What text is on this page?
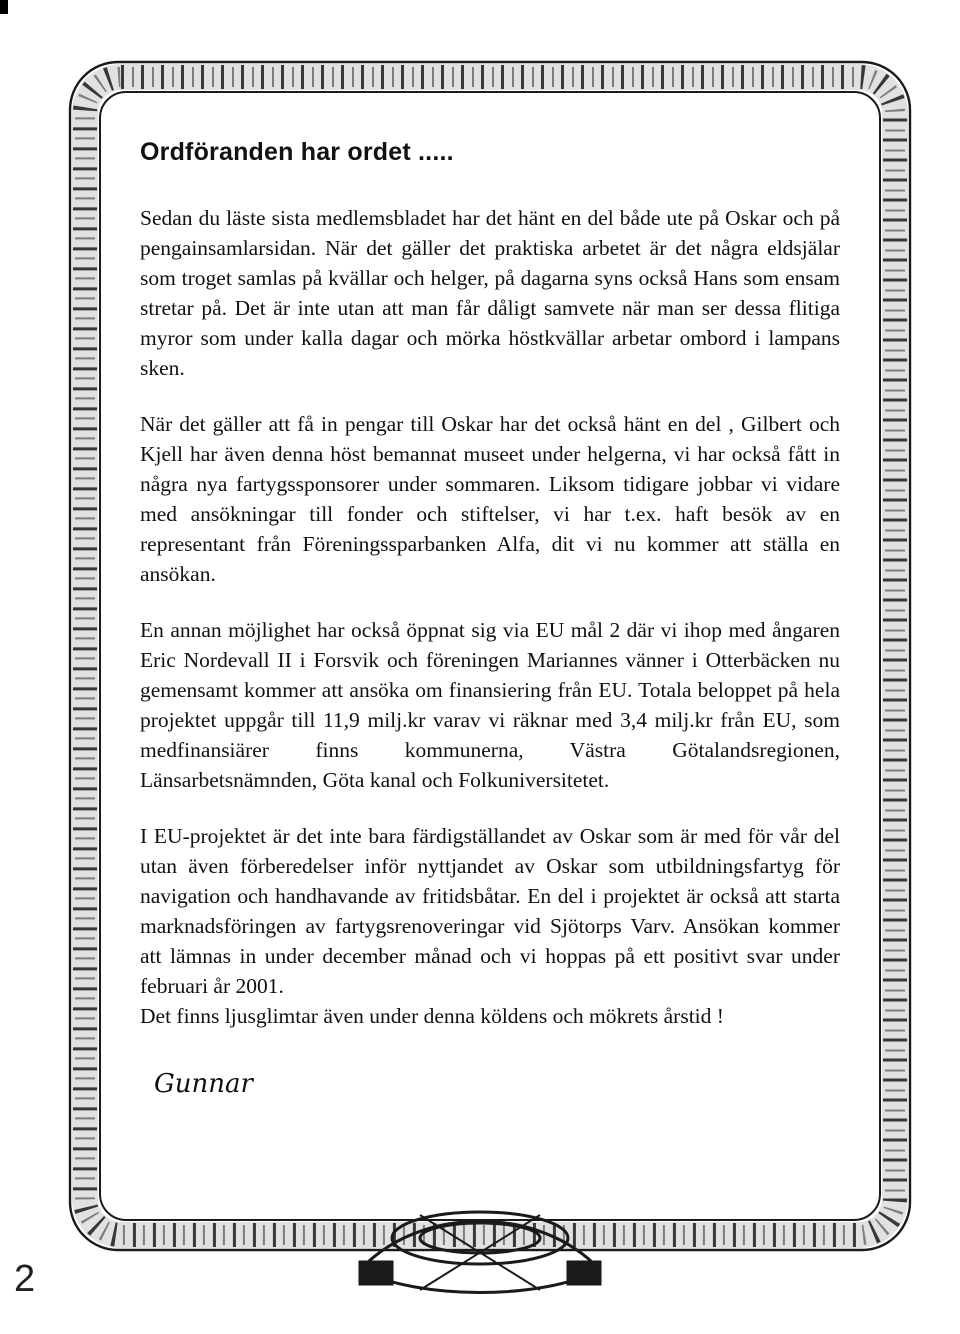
Ordföranden har ordet .....

Sedan du läste sista medlemsbladet har det hänt en del både ute på Oskar och på pengainsamlarsidan. När det gäller det praktiska arbetet är det några eldsjälar som troget samlas på kvällar och helger, på dagarna syns också Hans som ensam stretar på. Det är inte utan att man får dåligt samvete när man ser dessa flitiga myror som under kalla dagar och mörka höstkvällar arbetar ombord i lampans sken.

När det gäller att få in pengar till Oskar har det också hänt en del , Gilbert och Kjell har även denna höst bemannat museet under helgerna, vi har också fått in några nya fartygssponsorer under sommaren. Liksom tidigare jobbar vi vidare med ansökningar till fonder och stiftelser, vi har t.ex. haft besök av en representant från Föreningssparbanken Alfa, dit vi nu kommer att ställa en ansökan.

En annan möjlighet har också öppnat sig via EU mål 2 där vi ihop med ångaren Eric Nordevall II i Forsvik och föreningen Mariannes vänner i Otterbäcken nu gemensamt kommer att ansöka om finansiering från EU. Totala beloppet på hela projektet uppgår till 11,9 milj.kr varav vi räknar med 3,4 milj.kr från EU, som medfinansiärer finns kommunerna, Västra Götalandsregionen, Länsarbetsnämnden, Göta kanal och Folkuniversitetet.

I EU-projektet är det inte bara färdigställandet av Oskar som är med för vår del utan även förberedelser inför nyttjandet av Oskar som utbildningsfartyg för navigation och handhavande av fritidsbåtar. En del i projektet är också att starta marknadsföringen av fartygsrenoveringar vid Sjötorps Varv. Ansökan kommer att lämnas in under december månad och vi hoppas på ett positivt svar under februari år 2001.

Det finns ljusglimtar även under denna köldens och mökrets årstid !

Gunnar
2
